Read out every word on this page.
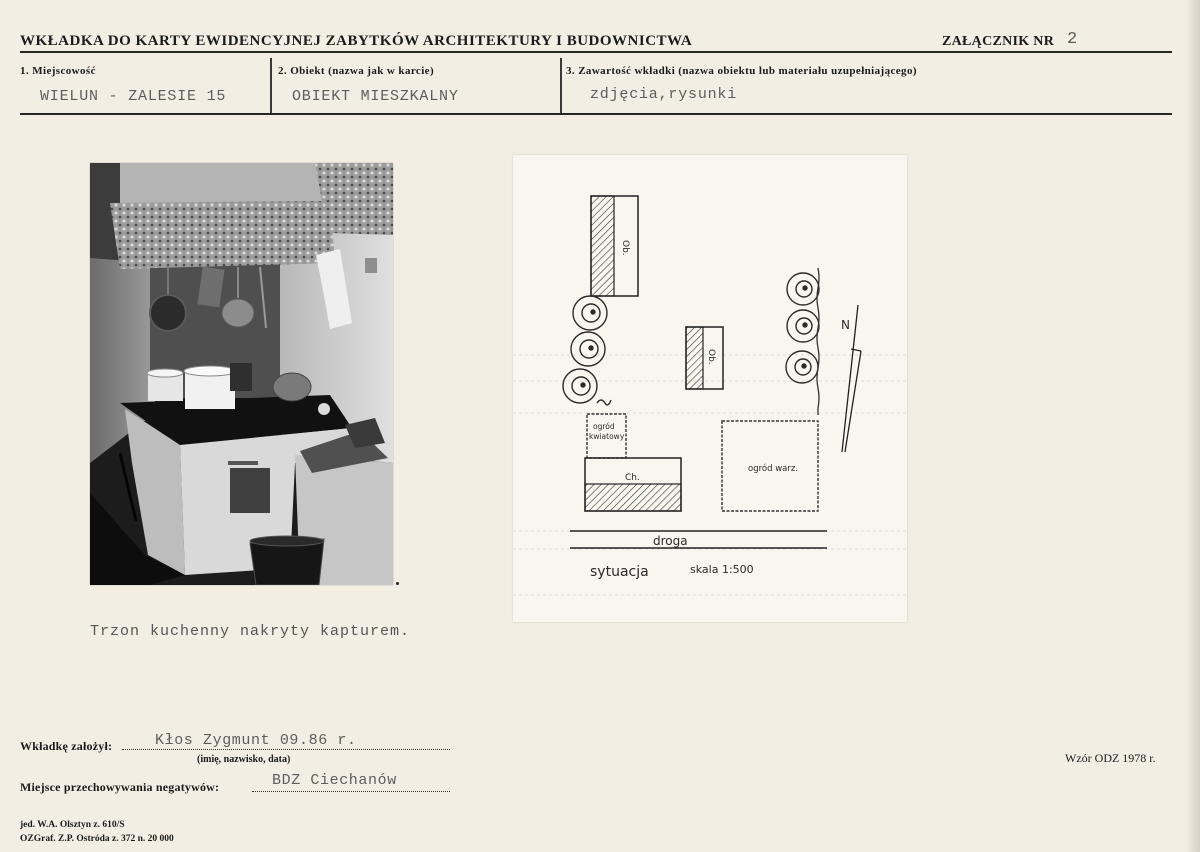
WKŁADKA DO KARTY EWIDENCYJNEJ ZABYTKÓW ARCHITEKTURY I BUDOWNICTWA	ZAŁĄCZNIK NR 2
1. Miejscowość	2. Obiekt (nazwa jak w karcie)	3. Zawartość wkładki (nazwa obiektu lub materiału uzupełniającego)
WIELUN - ZALESIE 15	OBIEKT MIESZKALNY	zdjęcia,rysunki
Ob.
Ob.
N
ogród
kwiatowy
Ch.
ogród warz.
droga
sytuacja	skala 1:500
Trzon kuchenny nakryty kapturem.
Wkładkę założył:	Kłos Zygmunt 09.86 r.
(imię, nazwisko, data)	Wzór ODZ 1978 r.
Miejsce przechowywania negatywów:	BDZ Ciechanów
jed. W.A. Olsztyn z. 610/S
OZGraf. Z.P. Ostróda z. 372 n. 20 000
